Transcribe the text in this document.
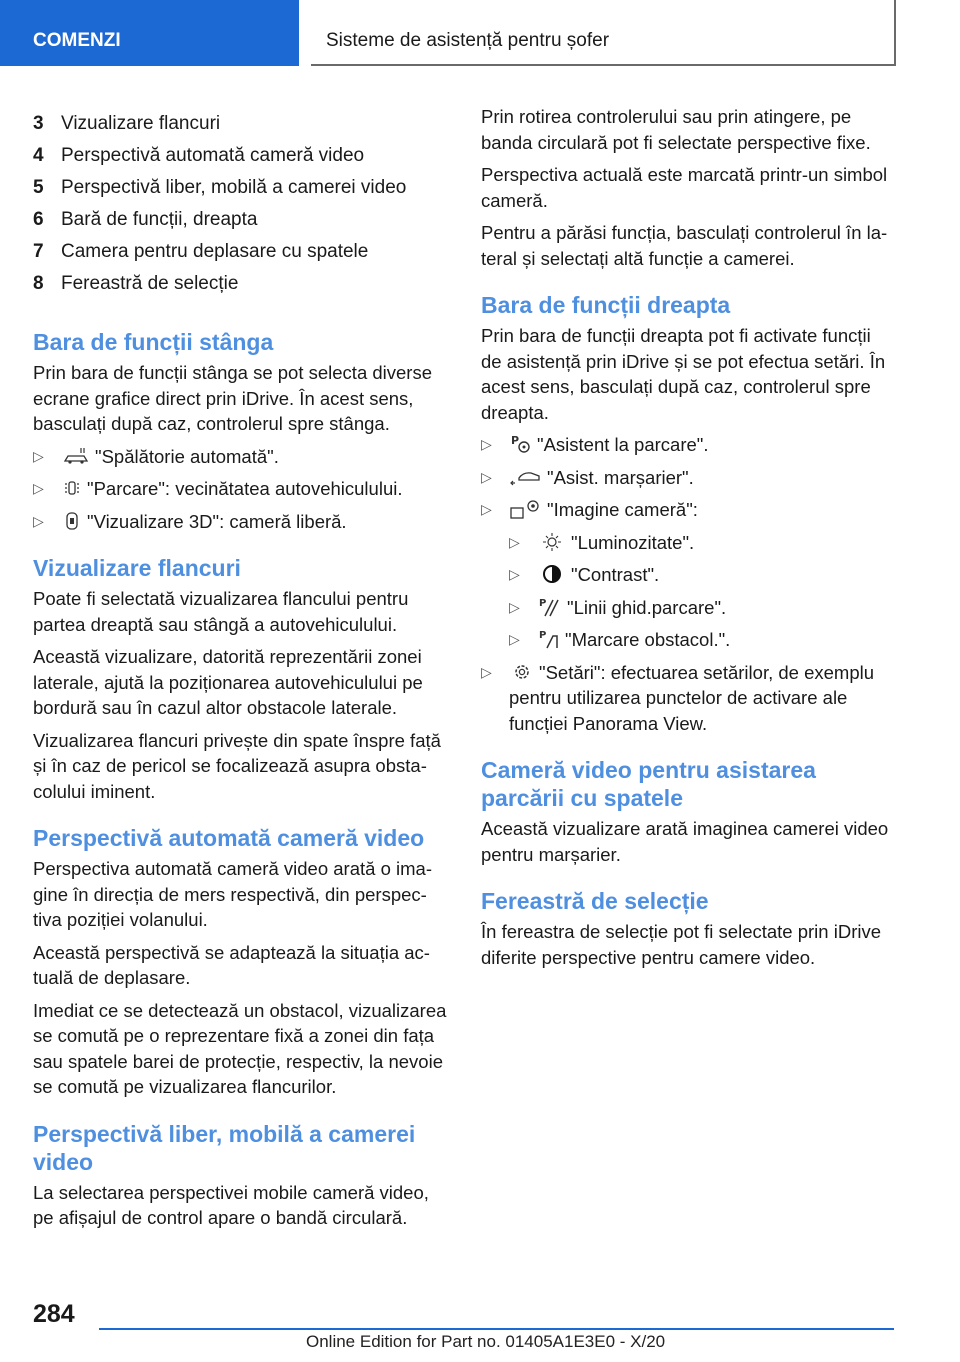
COMENZI	Sisteme de asistență pentru șofer
3 Vizualizare flancuri
4 Perspectivă automată cameră video
5 Perspectivă liber, mobilă a camerei video
6 Bară de funcții, dreapta
7 Camera pentru deplasare cu spatele
8 Fereastră de selecție
Bara de funcții stânga

Prin bara de funcții stânga se pot selecta diverse ecrane grafice direct prin iDrive. În acest sens, basculați după caz, controlerul spre stânga.

▷	"Spălătorie automată".
▷	"Parcare": vecinătatea autovehiculului.
▷	"Vizualizare 3D": cameră liberă.
Vizualizare flancuri

Poate fi selectată vizualizarea flancului pentru partea dreaptă sau stângă a autovehiculului.

Această vizualizare, datorită reprezentării zonei laterale, ajută la poziționarea autovehiculului pe bordură sau în cazul altor obstacole laterale.

Vizualizarea flancuri privește din spate înspre față și în caz de pericol se focalizează asupra obstacolului iminent.

Perspectivă automată cameră video

Perspectiva automată cameră video arată o imagine în direcția de mers respectivă, din perspectiva poziției volanului.

Această perspectivă se adaptează la situația actuală de deplasare.

Imediat ce se detectează un obstacol, vizualizarea se comută pe o reprezentare fixă a zonei din fața sau spatele barei de protecție, respectiv, la nevoie se comută pe vizualizarea flancurilor.

Perspectivă liber, mobilă a camerei video

La selectarea perspectivei mobile cameră video, pe afișajul de control apare o bandă circulară.

Prin rotirea controlerului sau prin atingere, pe banda circulară pot fi selectate perspective fixe.

Perspectiva actuală este marcată printr-un simbol cameră.

Pentru a părăsi funcția, basculați controlerul în lateral și selectați altă funcție a camerei.

Bara de funcții dreapta

Prin bara de funcții dreapta pot fi activate funcții de asistență prin iDrive și se pot efectua setări. În acest sens, basculați după caz, controlerul spre dreapta.

▷	P "Asistent la parcare".
▷	"Asist. marșarier".
▷	"Imagine cameră":
▷	"Luminozitate".
▷	"Contrast".
▷	P "Linii ghid.parcare".
▷	P "Marcare obstacol.".
▷	"Setări": efectuarea setărilor, de exemplu pentru utilizarea punctelor de activare ale funcției Panorama View.
Cameră video pentru asistarea parcării cu spatele

Această vizualizare arată imaginea camerei video pentru marșarier.

Fereastră de selecție

În fereastra de selecție pot fi selectate prin iDrive diferite perspective pentru camere video.

284
Online Edition for Part no. 01405A1E3E0 - X/20
